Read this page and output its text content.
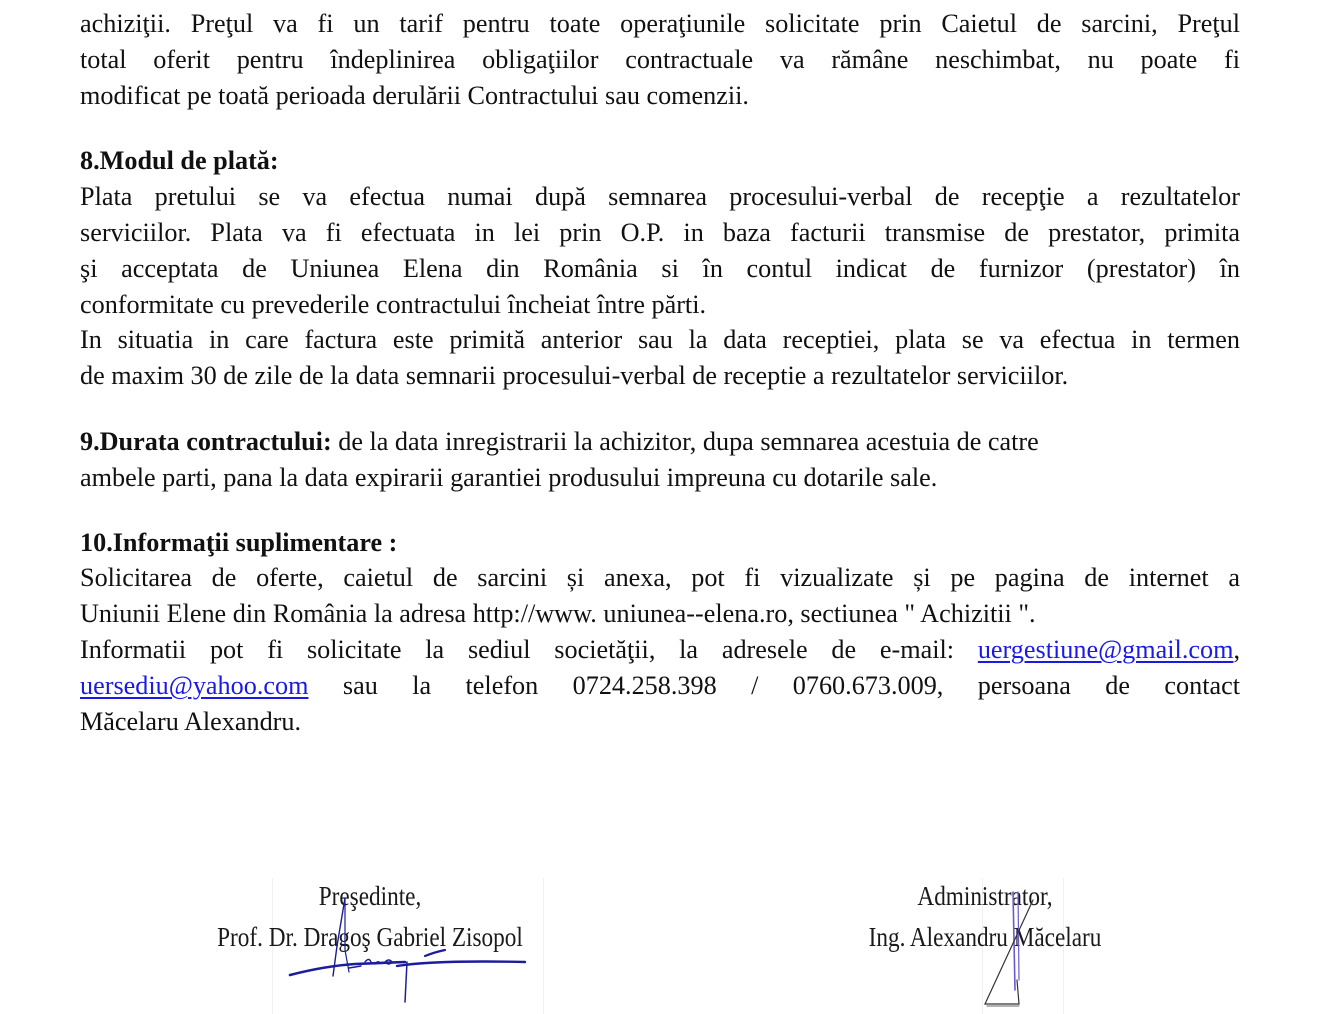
achiziţii. Preţul va fi un tarif pentru toate operaţiunile solicitate prin Caietul de sarcini, Preţul
total oferit pentru îndeplinirea obligaţiilor contractuale va rămâne neschimbat, nu poate fi
modificat pe toată perioada derulării Contractului sau comenzii.
8.Modul de plată:
Plata pretului se va efectua numai după semnarea procesului-verbal de recepţie a rezultatelor
serviciilor. Plata va fi efectuata in lei prin O.P. in baza facturii transmise de prestator, primita
şi acceptata de Uniunea Elena din România si în contul indicat de furnizor (prestator) în
conformitate cu prevederile contractului încheiat între părti.
In situatia in care factura este primită anterior sau la data receptiei, plata se va efectua in termen
de maxim 30 de zile de la data semnarii procesului-verbal de receptie a rezultatelor serviciilor.
9.Durata contractului: de la data inregistrarii la achizitor, dupa semnarea acestuia de catre
ambele parti, pana la data expirarii garantiei produsului impreuna cu dotarile sale.
10.Informaţii suplimentare :
Solicitarea de oferte, caietul de sarcini și anexa, pot fi vizualizate și pe pagina de internet a
Uniunii Elene din România la adresa http://www. uniunea--elena.ro, sectiunea " Achizitii ".
Informatii pot fi solicitate la sediul societăţii, la adresele de e-mail: uergestiune@gmail.com,
uersediu@yahoo.com sau la telefon 0724.258.398 / 0760.673.009, persoana de contact
Măcelaru Alexandru.
Preşedinte,
Prof. Dr. Dragoş Gabriel Zisopol
Administrator,
Ing. Alexandru Măcelaru
